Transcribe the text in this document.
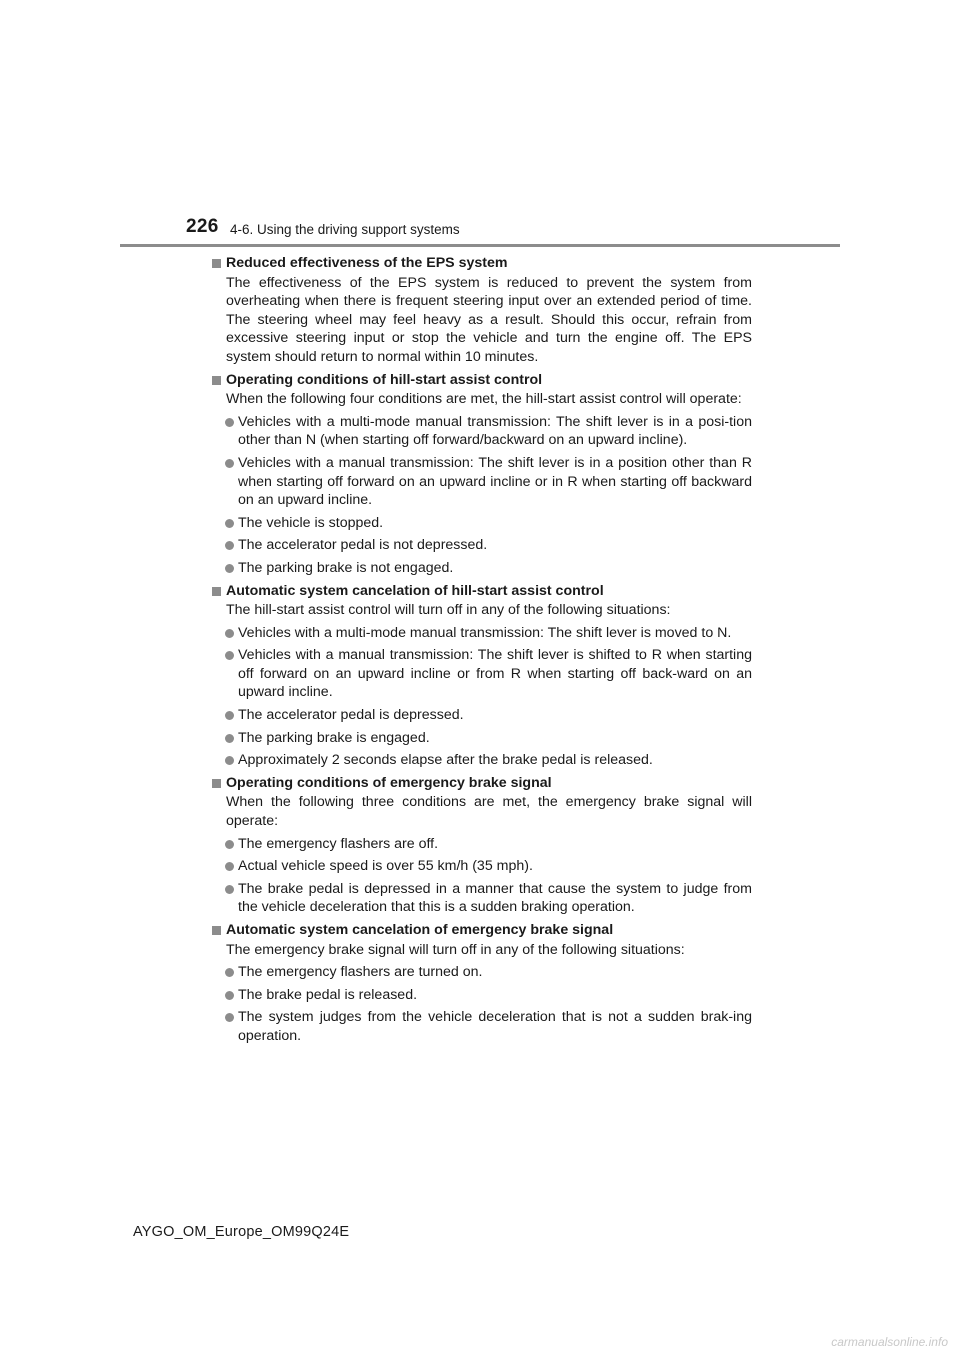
226 4-6. Using the driving support systems
Reduced effectiveness of the EPS system
The effectiveness of the EPS system is reduced to prevent the system from overheating when there is frequent steering input over an extended period of time. The steering wheel may feel heavy as a result. Should this occur, refrain from excessive steering input or stop the vehicle and turn the engine off. The EPS system should return to normal within 10 minutes.
Operating conditions of hill-start assist control
When the following four conditions are met, the hill-start assist control will operate:
Vehicles with a multi-mode manual transmission: The shift lever is in a posi-tion other than N (when starting off forward/backward on an upward incline).
Vehicles with a manual transmission: The shift lever is in a position other than R when starting off forward on an upward incline or in R when starting off backward on an upward incline.
The vehicle is stopped.
The accelerator pedal is not depressed.
The parking brake is not engaged.
Automatic system cancelation of hill-start assist control
The hill-start assist control will turn off in any of the following situations:
Vehicles with a multi-mode manual transmission: The shift lever is moved to N.
Vehicles with a manual transmission: The shift lever is shifted to R when starting off forward on an upward incline or from R when starting off back-ward on an upward incline.
The accelerator pedal is depressed.
The parking brake is engaged.
Approximately 2 seconds elapse after the brake pedal is released.
Operating conditions of emergency brake signal
When the following three conditions are met, the emergency brake signal will operate:
The emergency flashers are off.
Actual vehicle speed is over 55 km/h (35 mph).
The brake pedal is depressed in a manner that cause the system to judge from the vehicle deceleration that this is a sudden braking operation.
Automatic system cancelation of emergency brake signal
The emergency brake signal will turn off in any of the following situations:
The emergency flashers are turned on.
The brake pedal is released.
The system judges from the vehicle deceleration that is not a sudden brak-ing operation.
AYGO_OM_Europe_OM99Q24E
carmanualsonline.info
